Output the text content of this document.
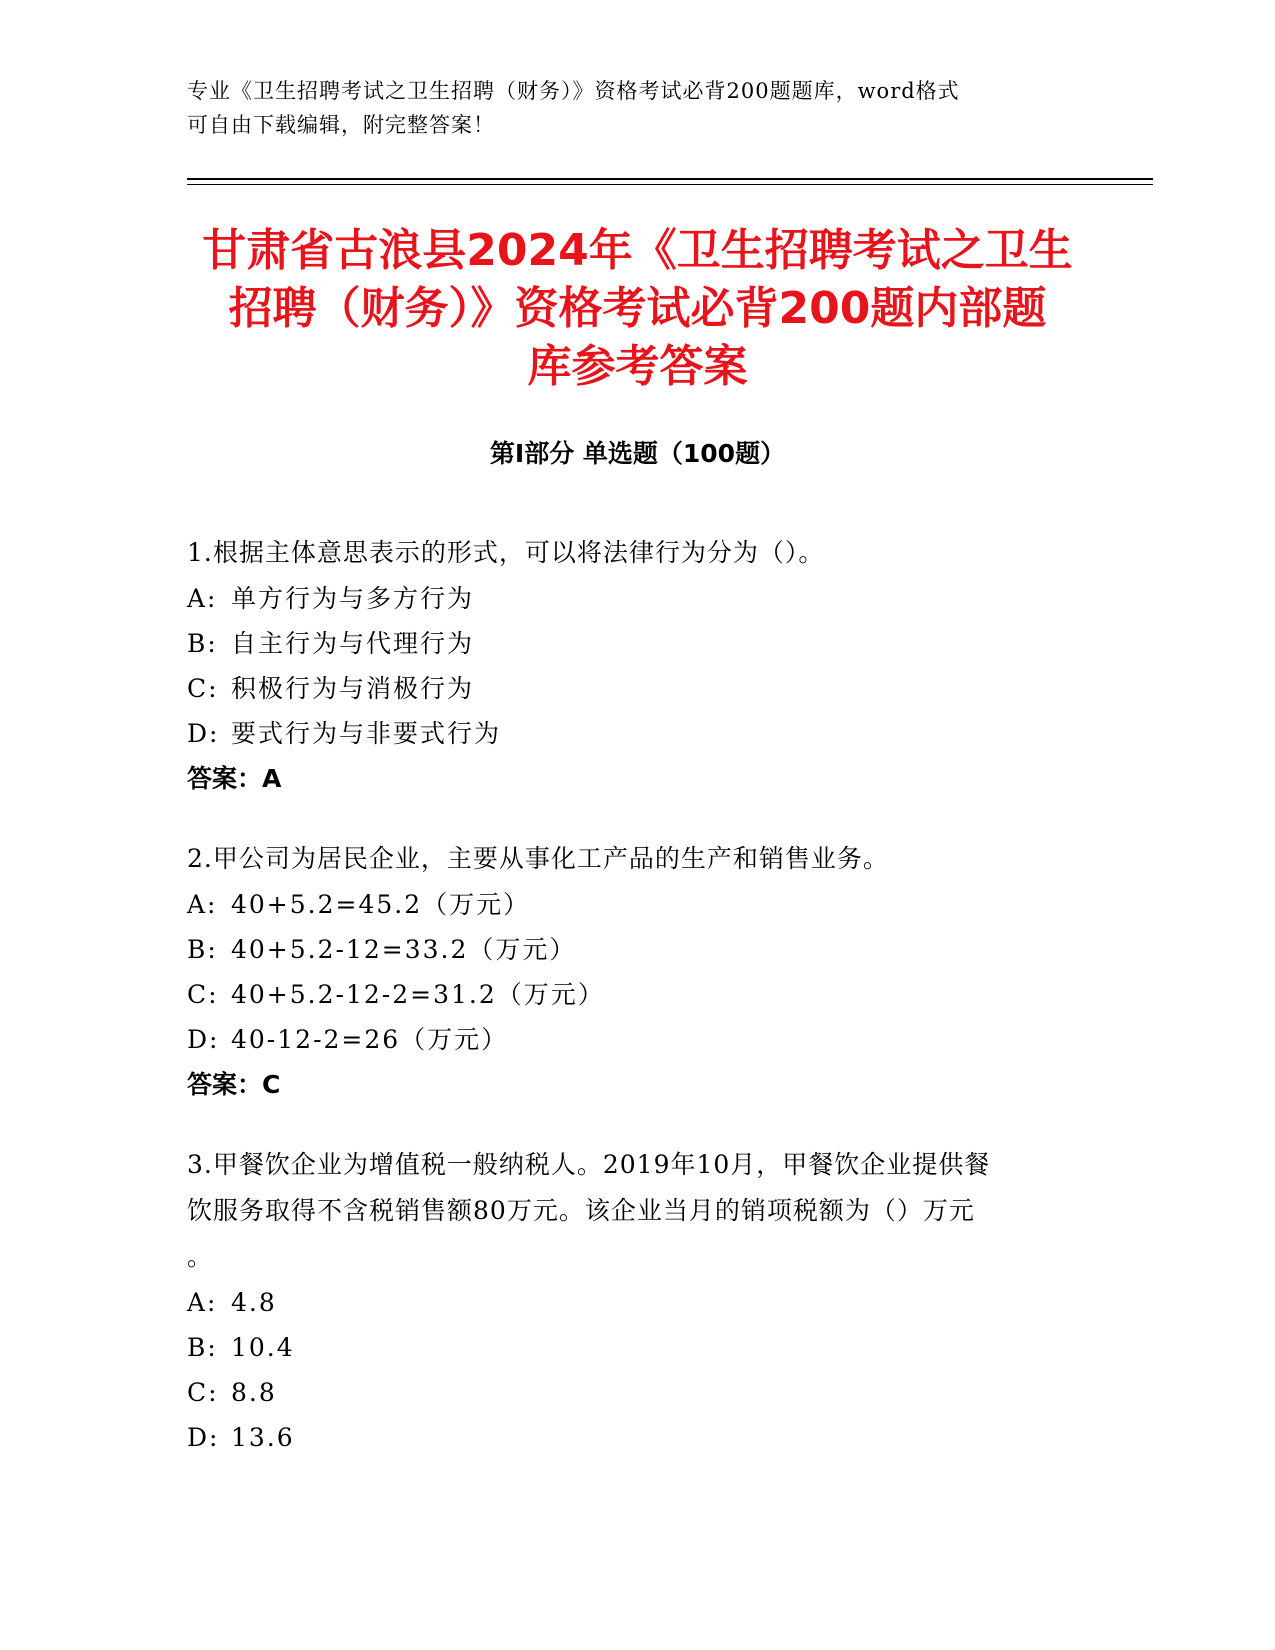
专业《卫生招聘考试之卫生招聘（财务）》资格考试必背200题题库，word格式
可自由下载编辑，附完整答案！
甘肃省古浪县2024年《卫生招聘考试之卫生
招聘（财务）》资格考试必背200题内部题
库参考答案
第Ⅰ部分 单选题（100题）
1.根据主体意思表示的形式，可以将法律行为分为（）。
A: 单方行为与多方行为
B: 自主行为与代理行为
C: 积极行为与消极行为
D: 要式行为与非要式行为
答案：A
2.甲公司为居民企业，主要从事化工产品的生产和销售业务。
A: 40+5.2=45.2（万元）
B: 40+5.2-12=33.2（万元）
C: 40+5.2-12-2=31.2（万元）
D: 40-12-2=26（万元）
答案：C
3.甲餐饮企业为增值税一般纳税人。2019年10月，甲餐饮企业提供餐
饮服务取得不含税销售额80万元。该企业当月的销项税额为（）万元
。
A: 4.8
B: 10.4
C: 8.8
D: 13.6
